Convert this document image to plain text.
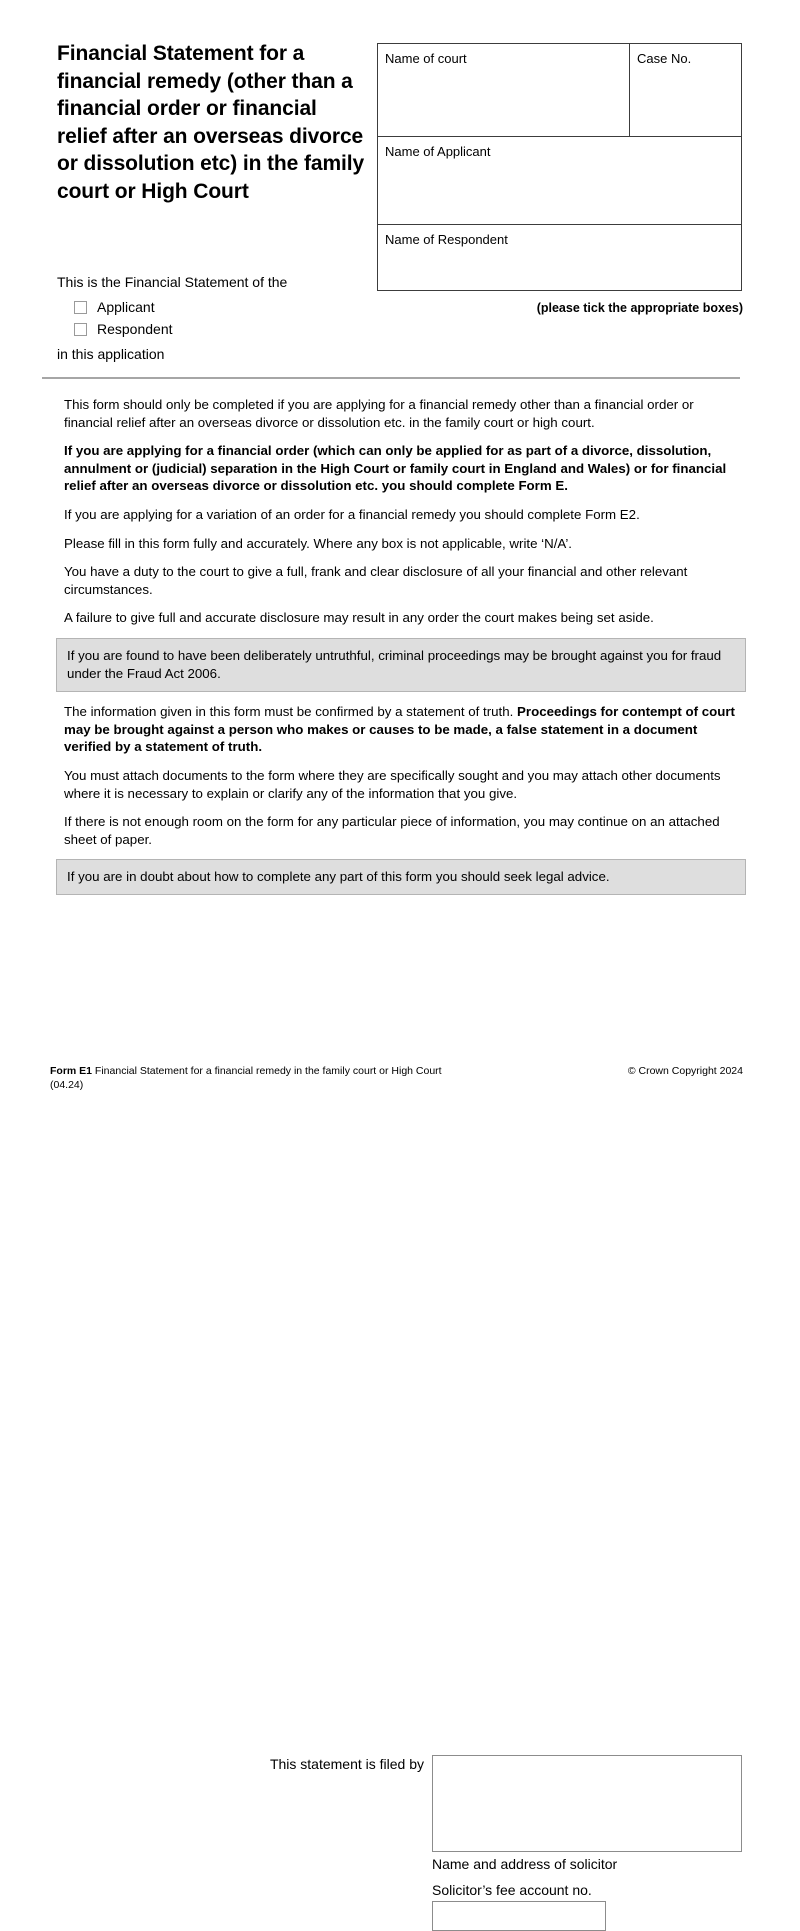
Financial Statement for a financial remedy (other than a financial order or financial relief after an overseas divorce or dissolution etc) in the family court or High Court
Name of court	Case No.
Name of Applicant
Name of Respondent
This is the Financial Statement of the
Applicant
Respondent
in this application
(please tick the appropriate boxes)

This form should only be completed if you are applying for a financial remedy other than a financial order or financial relief after an overseas divorce or dissolution etc. in the family court or high court.

If you are applying for a financial order (which can only be applied for as part of a divorce, dissolution, annulment or (judicial) separation in the High Court or family court in England and Wales) or for financial relief after an overseas divorce or dissolution etc. you should complete Form E.

If you are applying for a variation of an order for a financial remedy you should complete Form E2.

Please fill in this form fully and accurately. Where any box is not applicable, write ‘N/A’.

You have a duty to the court to give a full, frank and clear disclosure of all your financial and other relevant circumstances.

A failure to give full and accurate disclosure may result in any order the court makes being set aside.

If you are found to have been deliberately untruthful, criminal proceedings may be brought against you for fraud under the Fraud Act 2006.

The information given in this form must be confirmed by a statement of truth. Proceedings for contempt of court may be brought against a person who makes or causes to be made, a false statement in a document verified by a statement of truth.

You must attach documents to the form where they are specifically sought and you may attach other documents where it is necessary to explain or clarify any of the information that you give.

If there is not enough room on the form for any particular piece of information, you may continue on an attached sheet of paper.

If you are in doubt about how to complete any part of this form you should seek legal advice.
This statement is filed by
Name and address of solicitor
Solicitor’s fee account no.
Form E1 Financial Statement for a financial remedy in the family court or High Court (04.24)
© Crown Copyright 2024
